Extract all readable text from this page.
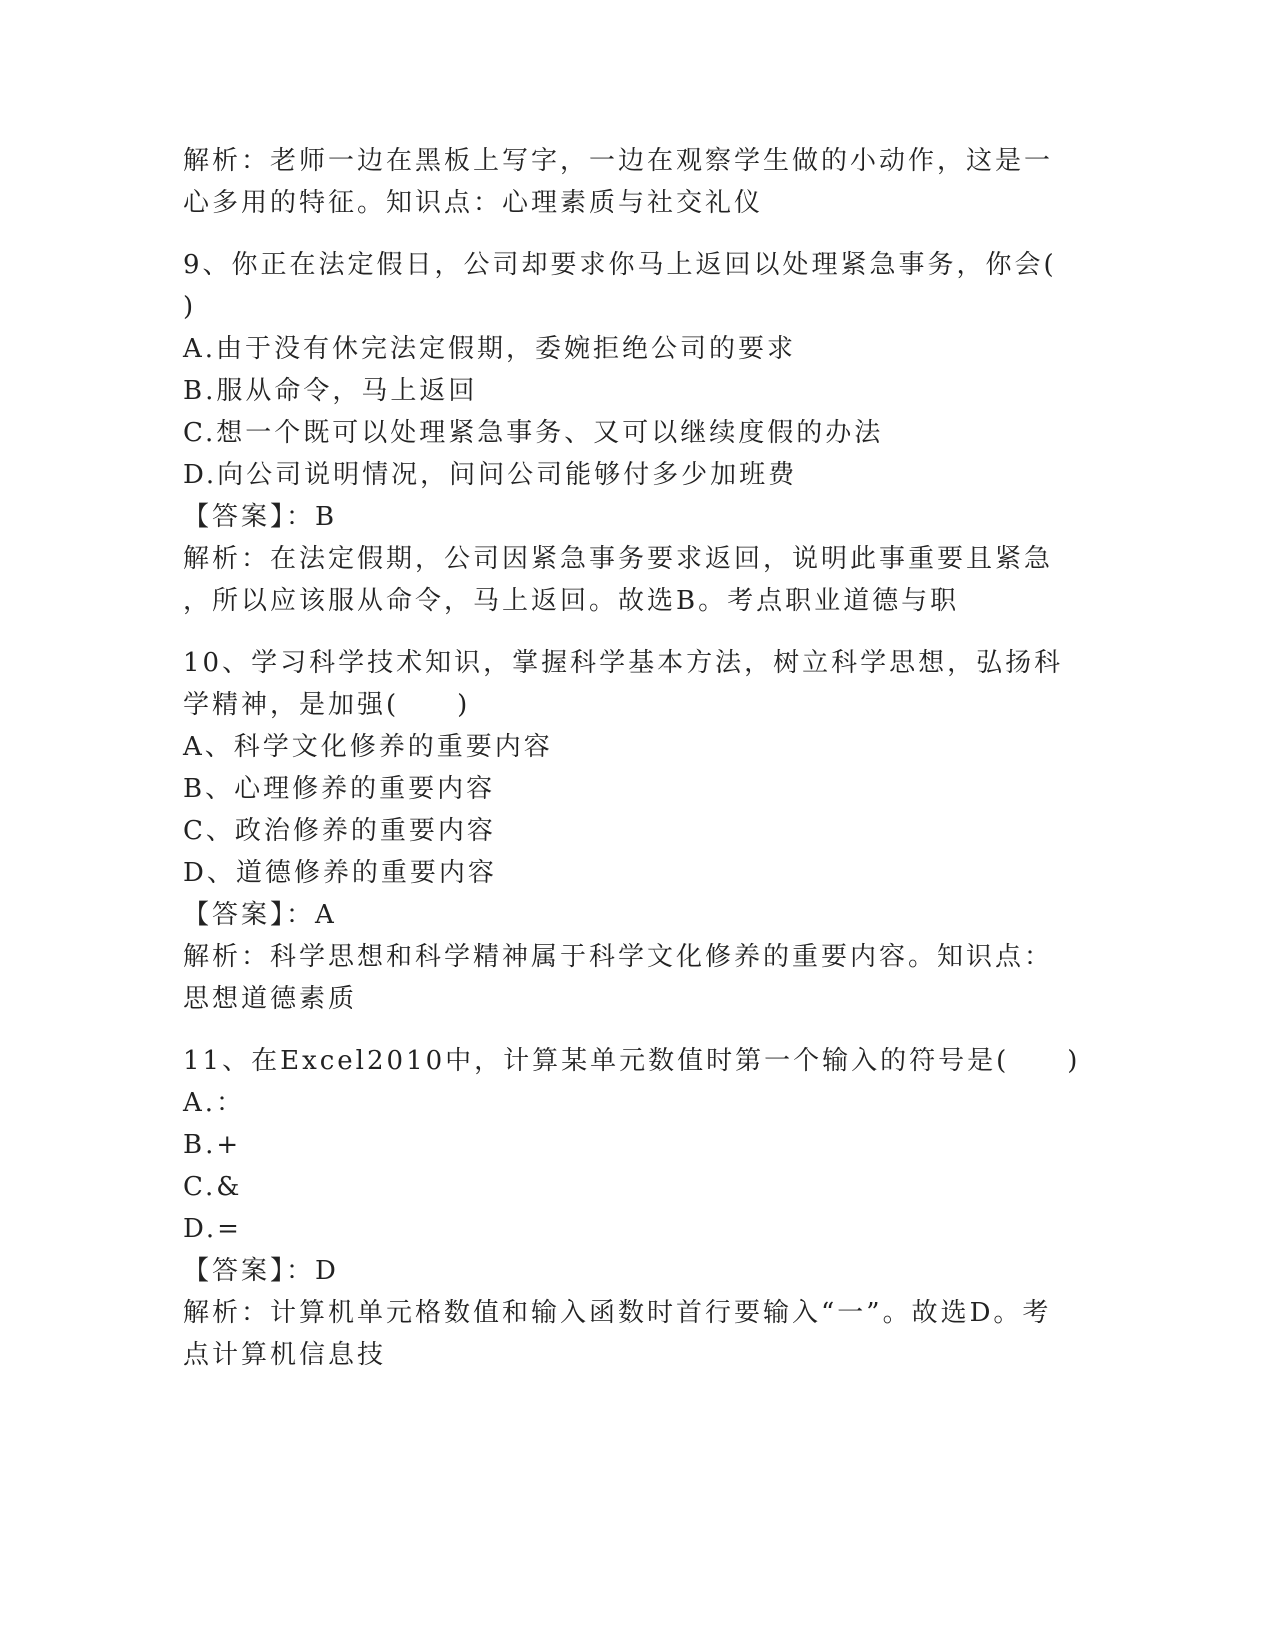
解析：老师一边在黑板上写字，一边在观察学生做的小动作，这是一
心多用的特征。知识点：心理素质与社交礼仪
9、你正在法定假日，公司却要求你马上返回以处理紧急事务，你会(
)
A.由于没有休完法定假期，委婉拒绝公司的要求
B.服从命令，马上返回
C.想一个既可以处理紧急事务、又可以继续度假的办法
D.向公司说明情况，问问公司能够付多少加班费
【答案】：B
解析：在法定假期，公司因紧急事务要求返回，说明此事重要且紧急
，所以应该服从命令，马上返回。故选B。考点职业道德与职
10、学习科学技术知识，掌握科学基本方法，树立科学思想，弘扬科
学精神，是加强(　　)
A、科学文化修养的重要内容
B、心理修养的重要内容
C、政治修养的重要内容
D、道德修养的重要内容
【答案】：A
解析：科学思想和科学精神属于科学文化修养的重要内容。知识点：
思想道德素质
11、在Excel2010中，计算某单元数值时第一个输入的符号是(　　)
A.：
B.+
C.&
D.=
【答案】：D
解析：计算机单元格数值和输入函数时首行要输入“一”。故选D。考
点计算机信息技
